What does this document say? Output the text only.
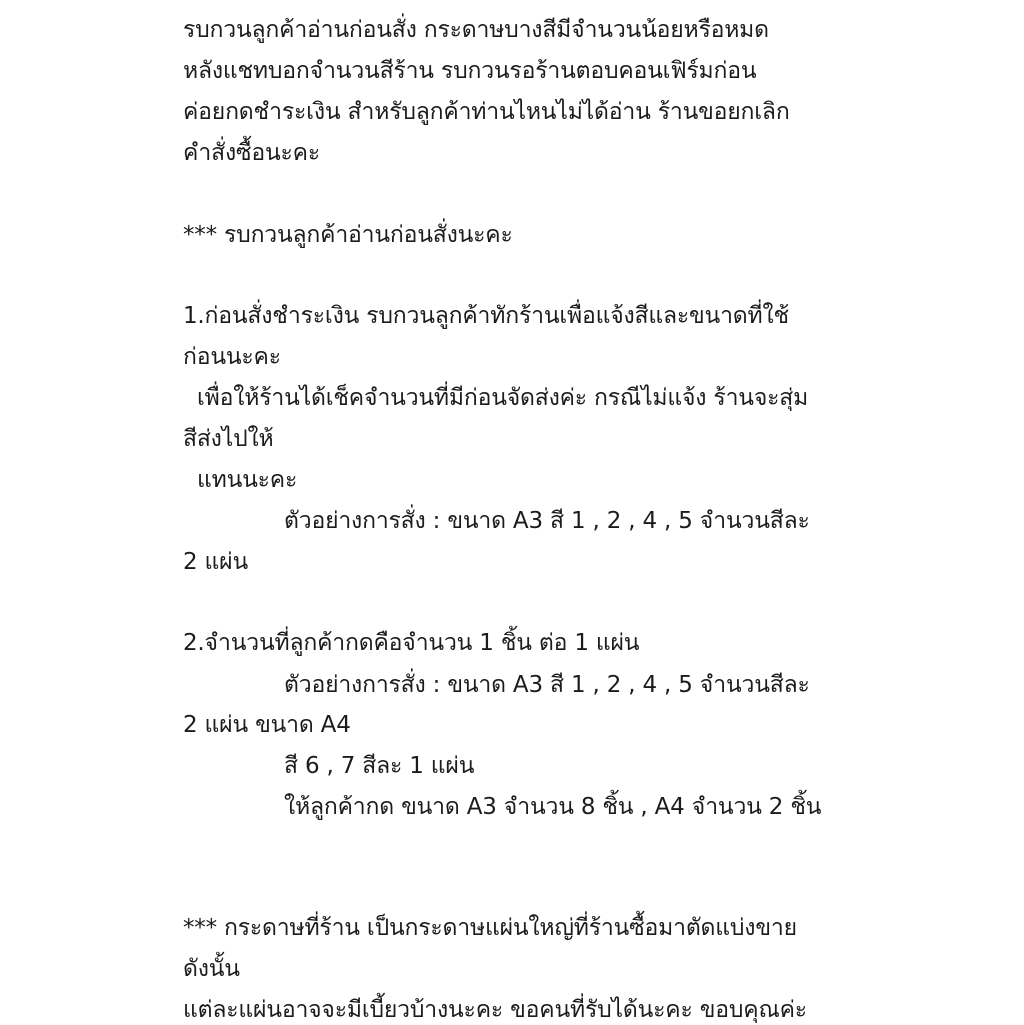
รบกวนลูกค้าอ่านก่อนสั่ง กระดาษบางสีมีจำนวนน้อยหรือหมด
หลังแชทบอกจำนวนสีร้าน รบกวนรอร้านตอบคอนเฟิร์มก่อน
ค่อยกดชำระเงิน สำหรับลูกค้าท่านไหนไม่ได้อ่าน ร้านขอยกเลิก
คำสั่งซื้อนะคะ
*** รบกวนลูกค้าอ่านก่อนสั่งนะคะ
1.ก่อนสั่งชำระเงิน รบกวนลูกค้าทักร้านเพื่อแจ้งสีและขนาดที่ใช้
ก่อนนะคะ
เพื่อให้ร้านได้เช็คจำนวนที่มีก่อนจัดส่งค่ะ กรณีไม่แจ้ง ร้านจะสุ่ม
สีส่งไปให้
แทนนะคะ
ตัวอย่างการสั่ง : ขนาด A3 สี 1 , 2 , 4 , 5 จำนวนสีละ
2 แผ่น
2.จำนวนที่ลูกค้ากดคือจำนวน 1 ชิ้น ต่อ 1 แผ่น
ตัวอย่างการสั่ง : ขนาด A3 สี 1 , 2 , 4 , 5 จำนวนสีละ
2 แผ่น ขนาด A4
สี 6 , 7 สีละ 1 แผ่น
ให้ลูกค้ากด ขนาด A3 จำนวน 8 ชิ้น , A4 จำนวน 2 ชิ้น
*** กระดาษที่ร้าน เป็นกระดาษแผ่นใหญ่ที่ร้านซื้อมาตัดแบ่งขาย
ดังนั้น
แต่ละแผ่นอาจจะมีเบี้ยวบ้างนะคะ ขอคนที่รับได้นะคะ ขอบคุณค่ะ
